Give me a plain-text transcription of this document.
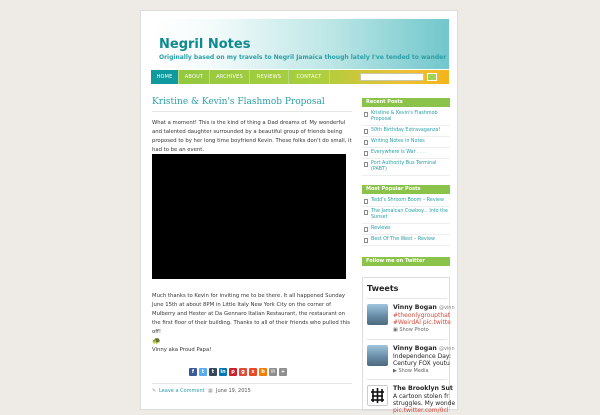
Negril Notes
Originally based on my travels to Negril Jamaica though lately I've tended to wander
HOME	ABOUT	ARCHIVES	REVIEWS	CONTACT
Kristine & Kevin's Flashmob Proposal
What a moment! This is the kind of thing a Dad dreams of. My wonderful and talented daughter surrounded by a beautiful group of friends being proposed to by her long time boyfriend Kevin. These folks don't do small, it had to be an event.
Much thanks to Kevin for inviting me to be there. It all happened Sunday June 15th at about 8PM in Little Italy New York City on the corner of Mulberry and Hester at Da Gennaro Italian Restaurant, the restaurant on the first floor of their building. Thanks to all of their friends who pulled this off!
🐢
Vinny aka Proud Papa!
f	t	t	in	p	g	s	b	✉	+
✎ Leave a Comment ▦ June 19, 2015
Recent Posts
Kristine & Kevin's Flashmob Proposal
50th Birthday Extravaganza!
Writing Notes in Notes
Everywhere is War . . .
Port Authority Bus Terminal (PABT)
Most Popular Posts
Tedd's Shroom Boom – Review
The Jamaican Cowboy... Into the Sunset
Reviews
Best Of The West – Review
Follow me on Twitter
Tweets
Vinny Bogan @vinn
#theonlygroupthat
#WeirdAl pic.twitte
▣ Show Photo
Vinny Bogan @vinn
Independence Day:
Century FOX youtu
▶ Show Media
The Brooklyn Sut
A cartoon stolen fr
struggles. My wonde
pic.twitter.com/0cl
